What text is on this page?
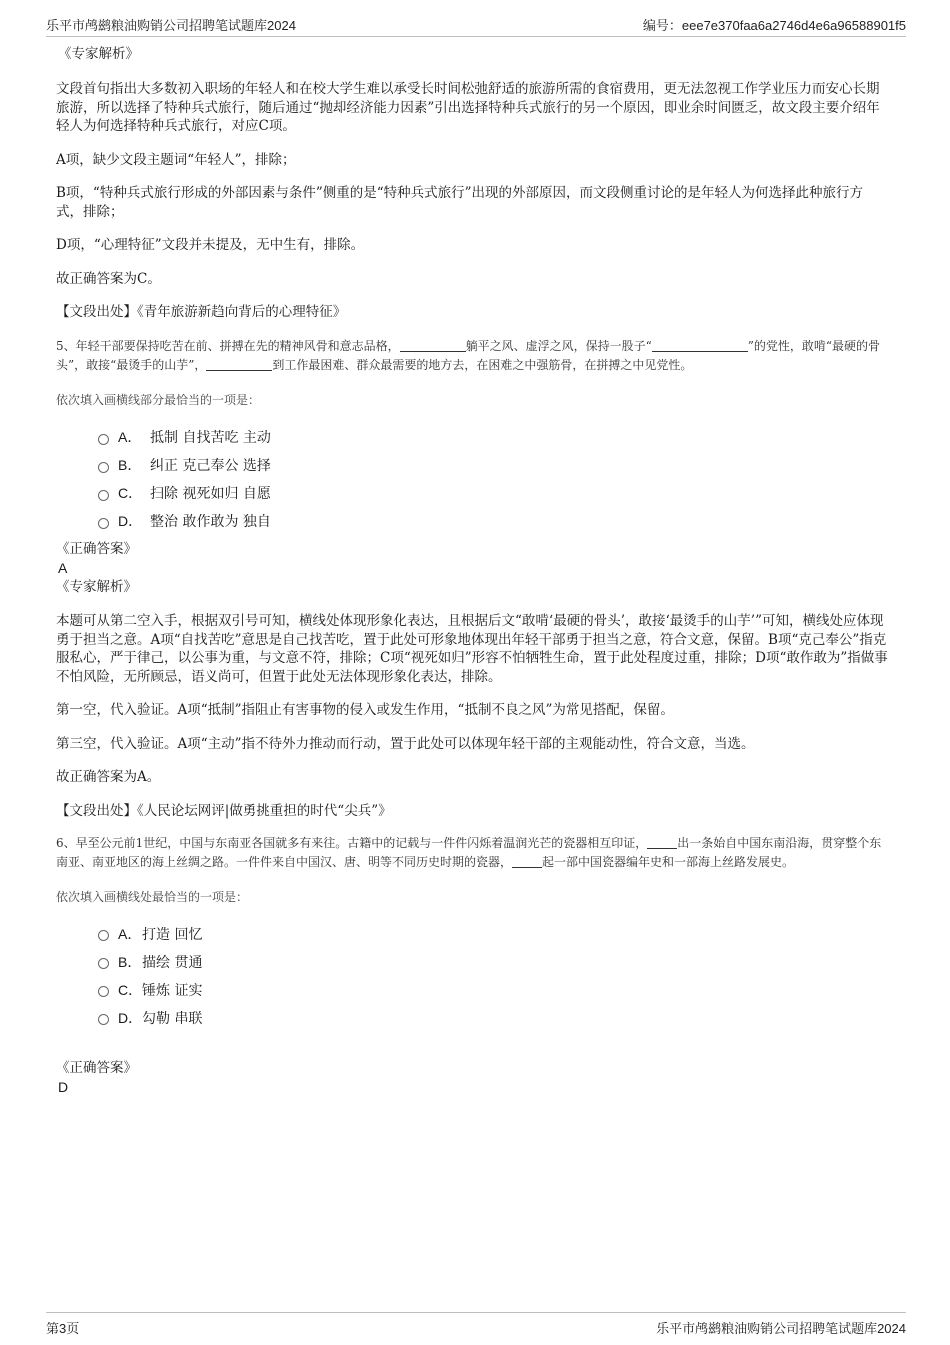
乐平市鸬鹚粮油购销公司招聘笔试题库2024	编号：eee7e370faa6a2746d4e6a96588901f5

《专家解析》

文段首句指出大多数初入职场的年轻人和在校大学生难以承受长时间松弛舒适的旅游所需的食宿费用，更无法忽视工作学业压力而安心长期旅游，所以选择了特种兵式旅行，随后通过“抛却经济能力因素”引出选择特种兵式旅行的另一个原因，即业余时间匮乏，故文段主要介绍年轻人为何选择特种兵式旅行，对应C项。

A项，缺少文段主题词“年轻人”，排除；

B项，“特种兵式旅行形成的外部因素与条件”侧重的是“特种兵式旅行”出现的外部原因，而文段侧重讨论的是年轻人为何选择此种旅行方式，排除；

D项，“心理特征”文段并未提及，无中生有，排除。

故正确答案为C。

【文段出处】《青年旅游新趋向背后的心理特征》

5、年轻干部要保持吃苦在前、拼搏在先的精神风骨和意志品格，	躺平之风、虚浮之风，保持一股子“	”的党性，敢啃“最硬的骨头”，敢接“最烫手的山芋”，	到工作最困难、群众最需要的地方去，在困难之中强筋骨，在拼搏之中见党性。

依次填入画横线部分最恰当的一项是：

A． 抵制 自找苦吃 主动
B． 纠正 克己奉公 选择
C． 扫除 视死如归 自愿
D． 整治 敢作敢为 独自

《正确答案》

A

《专家解析》

本题可从第二空入手，根据双引号可知，横线处体现形象化表达，且根据后文“敢啃‘最硬的骨头’，敢接‘最烫手的山芋’”可知，横线处应体现勇于担当之意。A项“自找苦吃”意思是自己找苦吃，置于此处可形象地体现出年轻干部勇于担当之意，符合文意，保留。B项“克己奉公”指克服私心，严于律己，以公事为重，与文意不符，排除；C项“视死如归”形容不怕牺牲生命，置于此处程度过重，排除；D项“敢作敢为”指做事不怕风险，无所顾忌，语义尚可，但置于此处无法体现形象化表达，排除。

第一空，代入验证。A项“抵制”指阻止有害事物的侵入或发生作用，“抵制不良之风”为常见搭配，保留。

第三空，代入验证。A项“主动”指不待外力推动而行动，置于此处可以体现年轻干部的主观能动性，符合文意，当选。

故正确答案为A。

【文段出处】《人民论坛网评|做勇挑重担的时代“尖兵”》

6、早至公元前1世纪，中国与东南亚各国就多有来往。古籍中的记载与一件件闪烁着温润光芒的瓷器相互印证，	出一条始自中国东南沿海，贯穿整个东南亚、南亚地区的海上丝绸之路。一件件来自中国汉、唐、明等不同历史时期的瓷器，	起一部中国瓷器编年史和一部海上丝路发展史。

依次填入画横线处最恰当的一项是：

A． 打造 回忆
B． 描绘 贯通
C． 锤炼 证实
D． 勾勒 串联

《正确答案》

D

第3页	乐平市鸬鹚粮油购销公司招聘笔试题库2024
